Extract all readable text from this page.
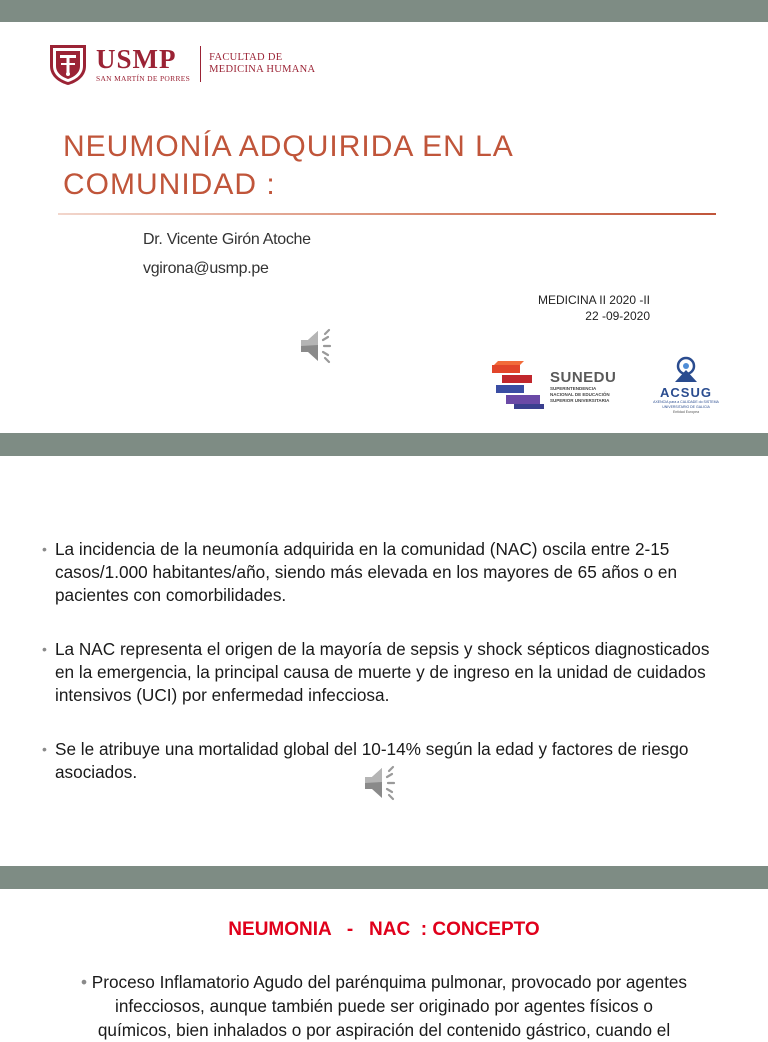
USMP
SAN MARTÍN DE PORRES
FACULTAD DE
MEDICINA HUMANA
NEUMONÍA ADQUIRIDA EN LA
COMUNIDAD :
Dr. Vicente Girón Atoche
vgirona@usmp.pe
MEDICINA II 2020 -II
22 -09-2020
SUNEDU
SUPERINTENDENCIA
NACIONAL DE EDUCACIÓN
SUPERIOR UNIVERSITARIA	ACSUG
AXENCIA para a CALIDADE do SISTEMA UNIVERSITARIO DE GALICIA
Entidad Europea
• La incidencia de la neumonía adquirida en la comunidad (NAC) oscila entre 2-15 casos/1.000 habitantes/año, siendo más elevada en los mayores de 65 años o en pacientes con comorbilidades.
• La NAC representa el origen de la mayoría de sepsis y shock sépticos diagnosticados en la emergencia, la principal causa de muerte y de ingreso en la unidad de cuidados intensivos (UCI) por enfermedad infecciosa.
• Se le atribuye una mortalidad global del 10-14% según la edad y factores de riesgo asociados.
NEUMONIA   -   NAC  : CONCEPTO
• Proceso Inflamatorio Agudo del parénquima pulmonar, provocado por agentes
infecciosos, aunque también puede ser originado por agentes físicos o
químicos, bien inhalados o por aspiración del contenido gástrico, cuando el
